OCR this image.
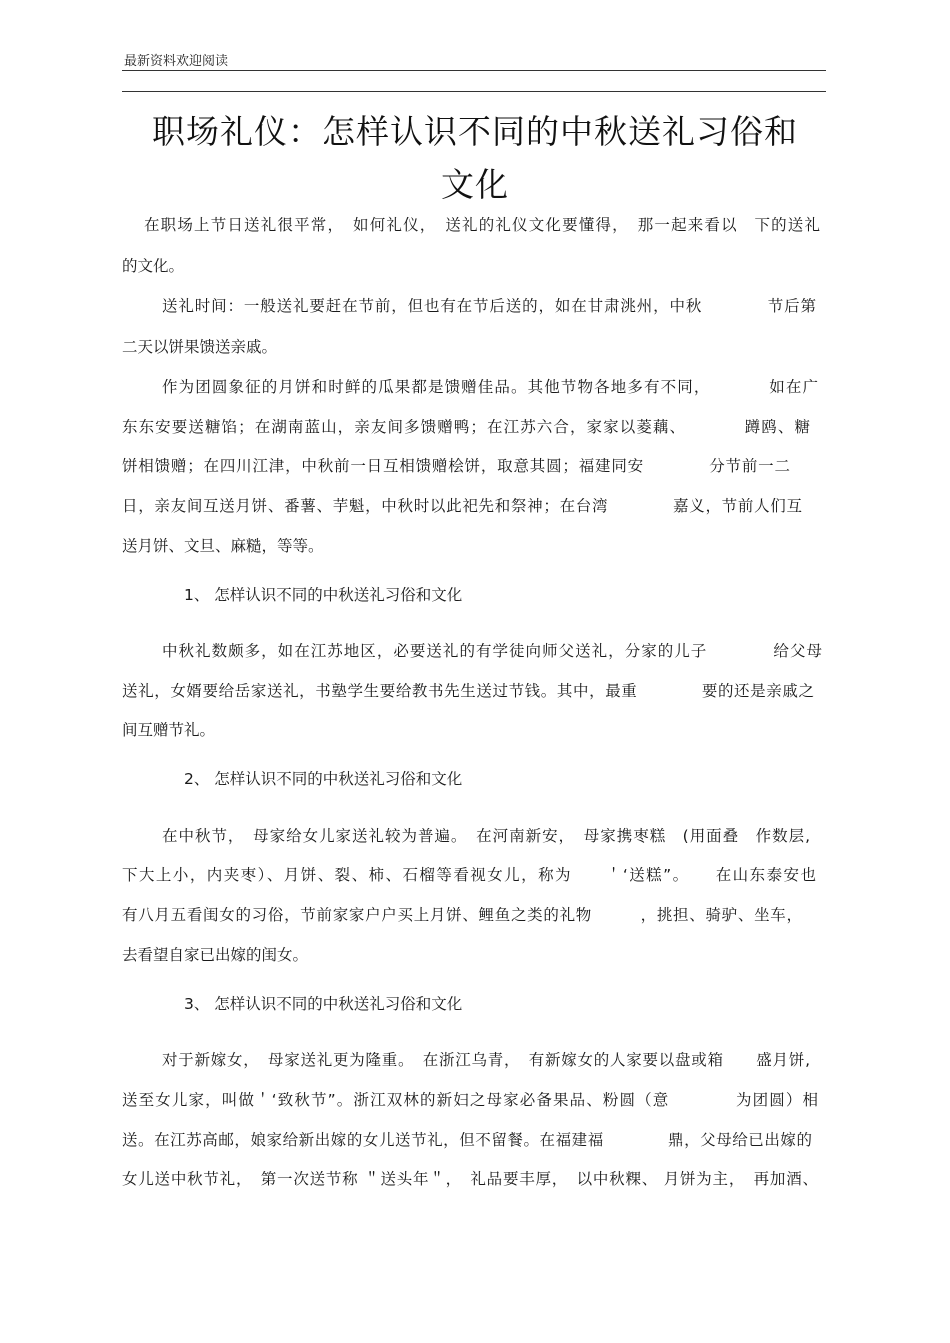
最新资料欢迎阅读
职场礼仪：怎样认识不同的中秋送礼习俗和
文化
在职场上节日送礼很平常，　如何礼仪，　送礼的礼仪文化要懂得，　那一起来看以　下的送礼
的文化。
送礼时间：一般送礼要赶在节前，但也有在节后送的，如在甘肃洮州，中秋　　　　节后第
二天以饼果馈送亲戚。
作为团圆象征的月饼和时鲜的瓜果都是馈赠佳品。其他节物各地多有不同，　　　　如在广
东东安要送糖馅；在湖南蓝山，亲友间多馈赠鸭；在江苏六合，家家以菱藕、　　　　蹲鸥、糖
饼相馈赠；在四川江津，中秋前一日互相馈赠桧饼，取意其圆；福建同安　　　　分节前一二
日，亲友间互送月饼、番薯、芋魁，中秋时以此祀先和祭神；在台湾　　　　嘉义，节前人们互
送月饼、文旦、麻糙，等等。
1、 怎样认识不同的中秋送礼习俗和文化
中秋礼数颇多，如在江苏地区，必要送礼的有学徒向师父送礼，分家的儿子　　　　给父母
送礼，女婿要给岳家送礼，书塾学生要给教书先生送过节钱。其中，最重　　　　要的还是亲戚之
间互赠节礼。
2、 怎样认识不同的中秋送礼习俗和文化
在中秋节，　母家给女儿家送礼较为普遍。　在河南新安，　母家携枣糕　(用面叠　作数层,
下大上小，内夹枣）、月饼、裂、柿、石榴等看视女儿，称为　　＇‘送糕”。　　在山东泰安也
有八月五看闺女的习俗，节前家家户户买上月饼、鲤鱼之类的礼物　　　，挑担、骑驴、坐车，
去看望自家已出嫁的闺女。
3、 怎样认识不同的中秋送礼习俗和文化
对于新嫁女，　母家送礼更为隆重。　在浙江乌青，　有新嫁女的人家要以盘或箱　　盛月饼,
送至女儿家，叫做＇‘致秋节”。浙江双林的新妇之母家必备果品、粉圆（意　　　　为团圆）相
送。在江苏高邮，娘家给新出嫁的女儿送节礼，但不留餐。在福建福　　　　鼎，父母给已出嫁的
女儿送中秋节礼，　第一次送节称 ＂送头年＂，　礼品要丰厚，　以中秋粿、 月饼为主，　再加酒、
